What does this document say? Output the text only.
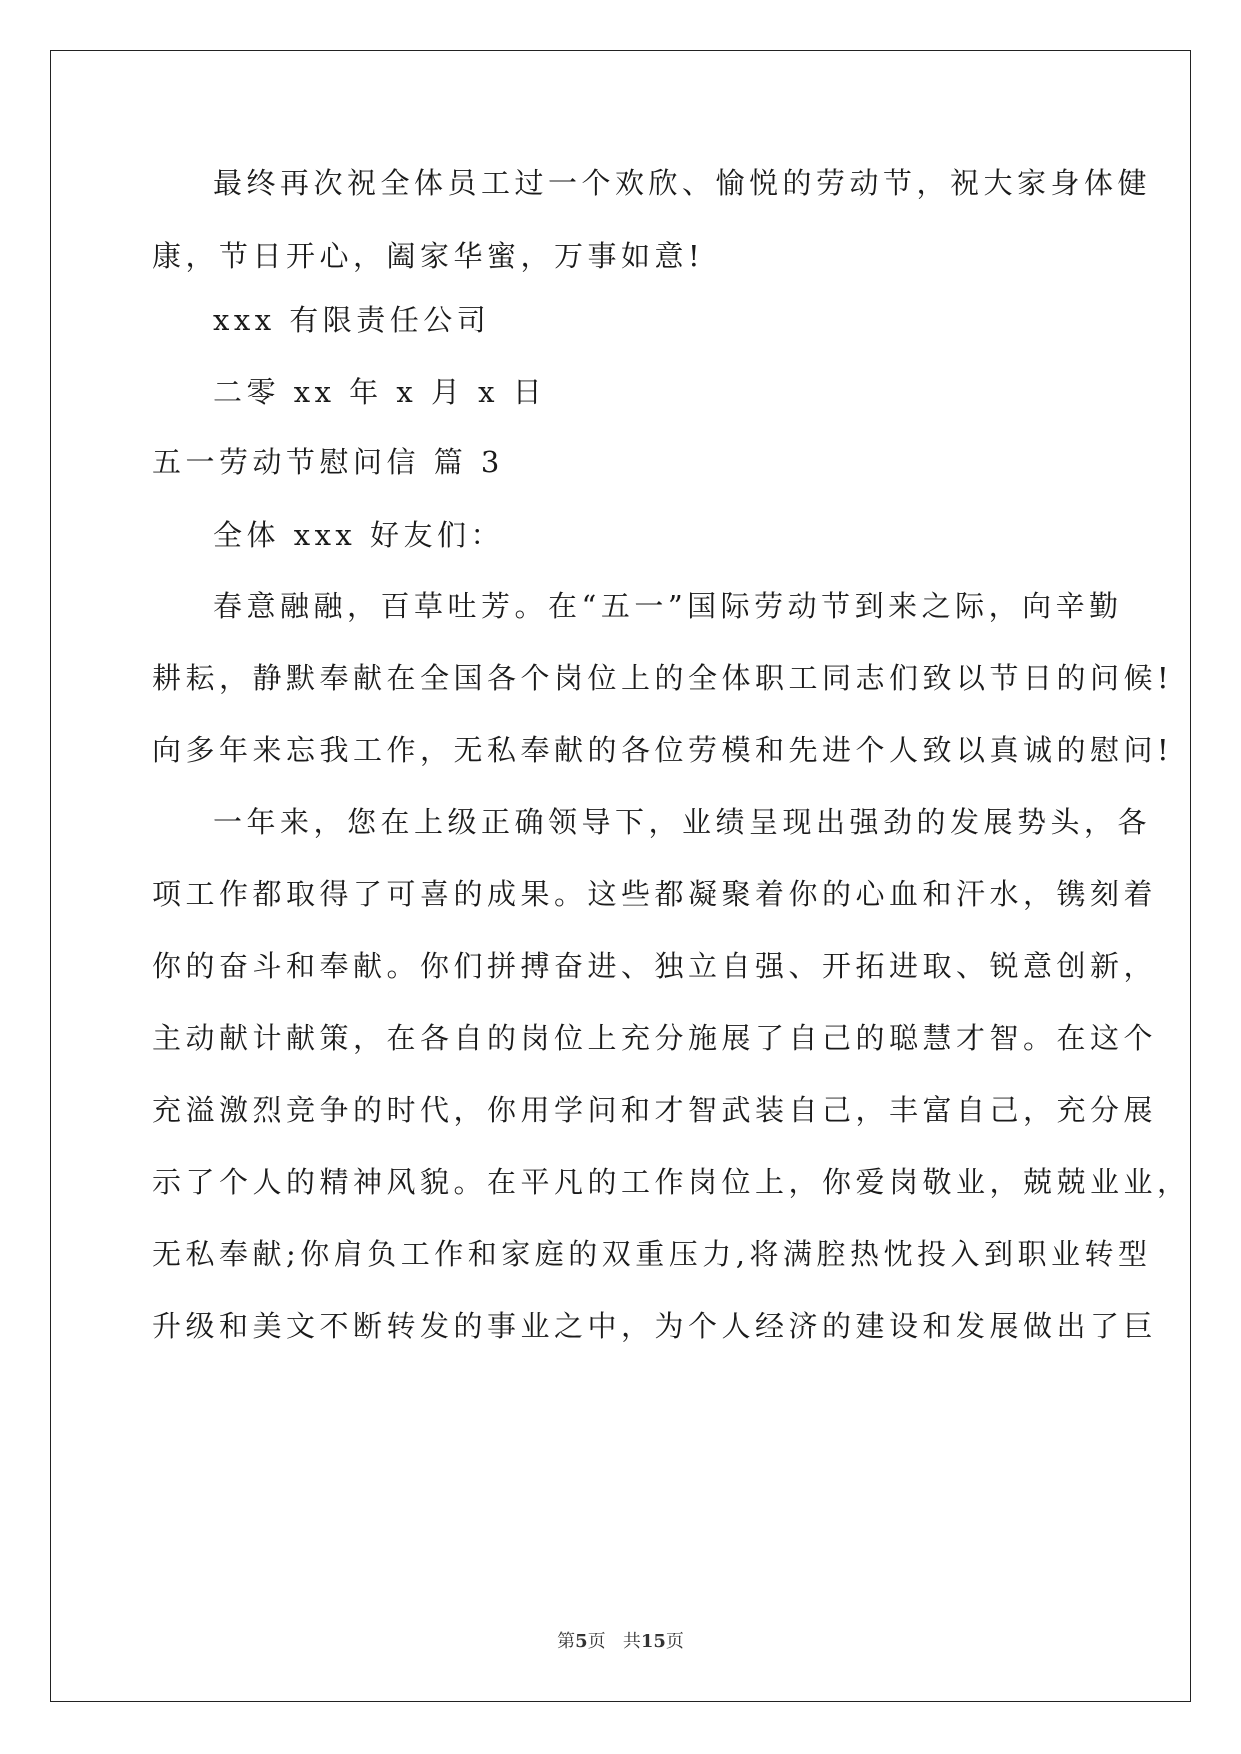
最终再次祝全体员工过一个欢欣、愉悦的劳动节，祝大家身体健
康，节日开心，阖家华蜜，万事如意!
xxx 有限责任公司
二零 xx 年 x 月 x 日
五一劳动节慰问信 篇 3
全体 xxx 好友们：
春意融融，百草吐芳。在“五一”国际劳动节到来之际，向辛勤
耕耘，静默奉献在全国各个岗位上的全体职工同志们致以节日的问候!
向多年来忘我工作，无私奉献的各位劳模和先进个人致以真诚的慰问!
一年来，您在上级正确领导下，业绩呈现出强劲的发展势头，各
项工作都取得了可喜的成果。这些都凝聚着你的心血和汗水，镌刻着
你的奋斗和奉献。你们拼搏奋进、独立自强、开拓进取、锐意创新，
主动献计献策，在各自的岗位上充分施展了自己的聪慧才智。在这个
充溢激烈竞争的时代，你用学问和才智武装自己，丰富自己，充分展
示了个人的精神风貌。在平凡的工作岗位上，你爱岗敬业，兢兢业业，
无私奉献;你肩负工作和家庭的双重压力,将满腔热忱投入到职业转型
升级和美文不断转发的事业之中，为个人经济的建设和发展做出了巨
第5页 共15页
